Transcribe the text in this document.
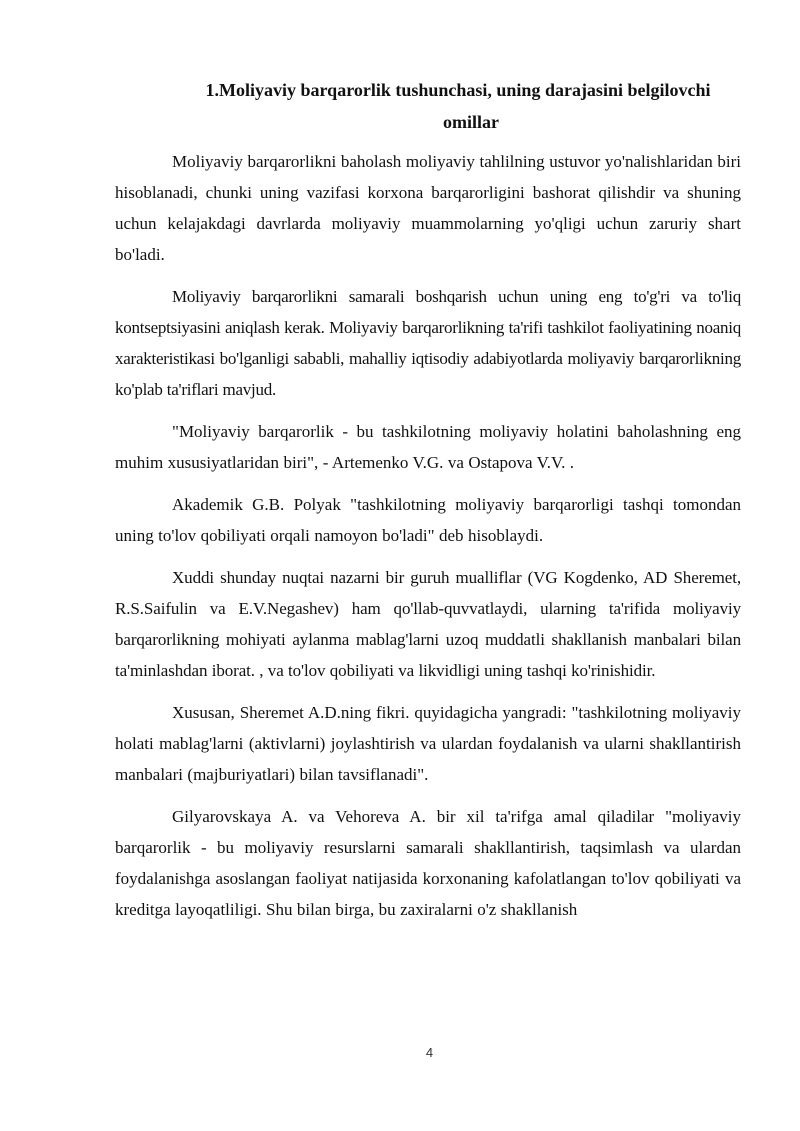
1.Moliyaviy barqarorlik tushunchasi, uning darajasini belgilovchi
omillar

Moliyaviy barqarorlikni baholash moliyaviy tahlilning ustuvor yo'nalishlaridan biri hisoblanadi, chunki uning vazifasi korxona barqarorligini bashorat qilishdir va shuning uchun kelajakdagi davrlarda moliyaviy muammolarning yo'qligi uchun zaruriy shart bo'ladi.

Moliyaviy barqarorlikni samarali boshqarish uchun uning eng to'g'ri va to'liq kontseptsiyasini aniqlash kerak. Moliyaviy barqarorlikning ta'rifi tashkilot faoliyatining noaniq xarakteristikasi bo'lganligi sababli, mahalliy iqtisodiy adabiyotlarda moliyaviy barqarorlikning ko'plab ta'riflari mavjud.

"Moliyaviy barqarorlik - bu tashkilotning moliyaviy holatini baholashning eng muhim xususiyatlaridan biri", - Artemenko V.G. va Ostapova V.V. .

Akademik G.B. Polyak "tashkilotning moliyaviy barqarorligi tashqi tomondan uning to'lov qobiliyati orqali namoyon bo'ladi" deb hisoblaydi.

Xuddi shunday nuqtai nazarni bir guruh mualliflar (VG Kogdenko, AD Sheremet, R.S.Saifulin va E.V.Negashev) ham qo'llab-quvvatlaydi, ularning ta'rifida moliyaviy barqarorlikning mohiyati aylanma mablag'larni uzoq muddatli shakllanish manbalari bilan ta'minlashdan iborat. , va to'lov qobiliyati va likvidligi uning tashqi ko'rinishidir.

Xususan, Sheremet A.D.ning fikri. quyidagicha yangradi: "tashkilotning moliyaviy holati mablag'larni (aktivlarni) joylashtirish va ulardan foydalanish va ularni shakllantirish manbalari (majburiyatlari) bilan tavsiflanadi".

Gilyarovskaya A. va Vehoreva A. bir xil ta'rifga amal qiladilar "moliyaviy barqarorlik - bu moliyaviy resurslarni samarali shakllantirish, taqsimlash va ulardan foydalanishga asoslangan faoliyat natijasida korxonaning kafolatlangan to'lov qobiliyati va kreditga layoqatliligi. Shu bilan birga, bu zaxiralarni o'z shakllanish

4
